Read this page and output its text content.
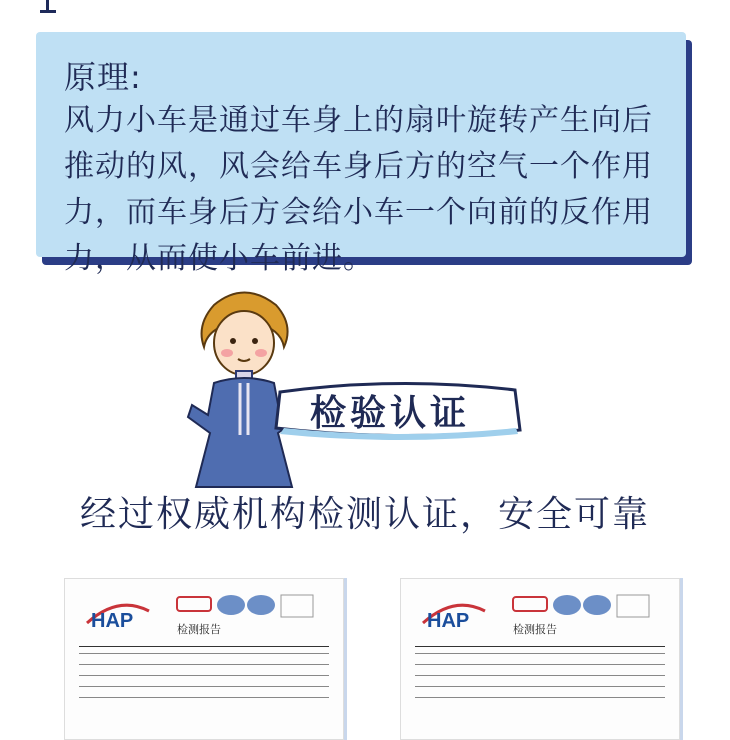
原理:
风力小车是通过车身上的扇叶旋转产生向后
推动的风，风会给车身后方的空气一个作用
力，而车身后方会给小车一个向前的反作用
力，从而使小车前进。
检验认证
经过权威机构检测认证，安全可靠
HAP	检测报告	HAP	检测报告
